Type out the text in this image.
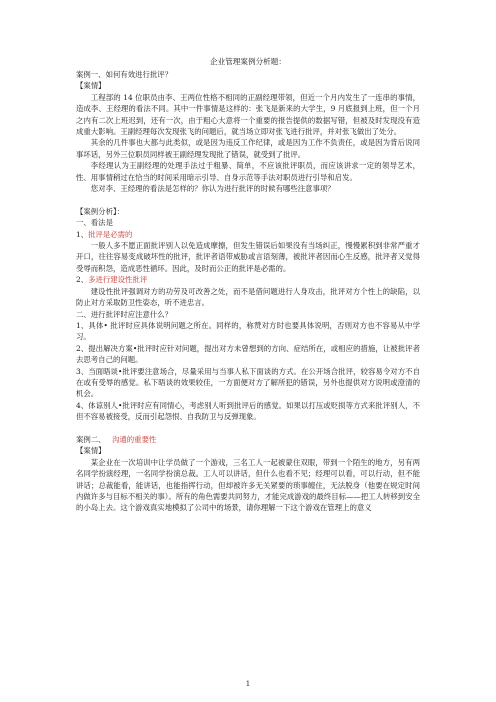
企业管理案例分析题：

案例一、如何有效进行批评？

【案情】

工程部的 14 位职员由李、王两位性格不相同的正副经理带领，但近一个月内发生了一连串的事情，造成李、王经理的看法不同。其中一件事情是这样的：张飞是新来的大学生，9 月底报到上班，但一个月之内有二次上班迟到，还有一次，由于粗心大意将一个重要的报告提供的数据写错，但被及时发现没有造成重大影响。王副经理每次发现张飞的问题后，就当场立即对张飞进行批评，并对张飞做出了处分。

其余的几件事也大都与此类似，或是因为违反工作纪律，或是因为工作不负责任，或是因为背后说同事坏话，另外三位职员同样被王副经理发现批了错误，就受到了批评。

李经理认为王副经理的处理手法过于粗暴、简单，不应该批评职员，而应该讲求一定的领导艺术，性、用事情稍过在恰当的时间采用暗示引导、自身示范等手法对职员进行引导和启发。

您对李、王经理的看法是怎样的？你认为进行批评的时候有哪些注意事项？

【案例分析】：

一、看法是

1、批评是必需的

一般人多不愿正面批评别人以免造成摩擦，但发生错误后如果没有当场纠正，慢慢累积到非常严重才开口，往往容易变成破坏性的批评，批评者语带威胁或言语刻薄，被批评者因而心生反感，批评者又觉得受辱而积怨，造成恶性循环。因此，及时而公正的批评是必需的。

2、多进行建设性批评

建设性批评强调对方的功劳及可改善之处，而不是借问题进行人身攻击，批评对方个性上的缺陷，以防止对方采取防卫性姿态，听不进忠言。

二、进行批评时应注意什么？

1、具体• 批评时应具体说明问题之所在。同样的，称赞对方时也要具体说明，否则对方也不容易从中学习。

2、提出解决方案•批评时应针对问题，提出对方未曾想到的方向、症结所在，或相应的措施，让被批评者去思考自己的问题。

3、当面晤谈•批评要注意场合，尽量采用与当事人私下面谈的方式。在公开场合批评，较容易令对方不自在或有受辱的感觉。私下晤谈的效果较佳，一方面便对方了解所犯的错误，另外也提供对方说明或澄清的机会。

4、体谅别人•批评时应有同情心，考虑别人听到批评后的感觉。如果以打压或贬损等方式来批评别人，不但不容易被接受，反而引起怨恨、自我防卫与反弹现象。

案例二、 沟通的重要性

【案情】

某企业在一次培训中让学员做了一个游戏，三名工人一起被蒙住双眼，带到一个陌生的地方，另有两名同学扮演经理，一名同学扮演总裁。工人可以讲话，但什么也看不见；经理可以看，可以行动，但不能讲话；总裁能看，能讲话，也能指挥行动，但却被许多无关紧要的琐事缠住，无法脱身（他要在规定时间内做许多与目标不相关的事）。所有的角色需要共同努力，才能完成游戏的最终目标——把工人转移到安全的小岛上去。这个游戏真实地模拟了公司中的场景，请你理解一下这个游戏在管理上的意义

1
